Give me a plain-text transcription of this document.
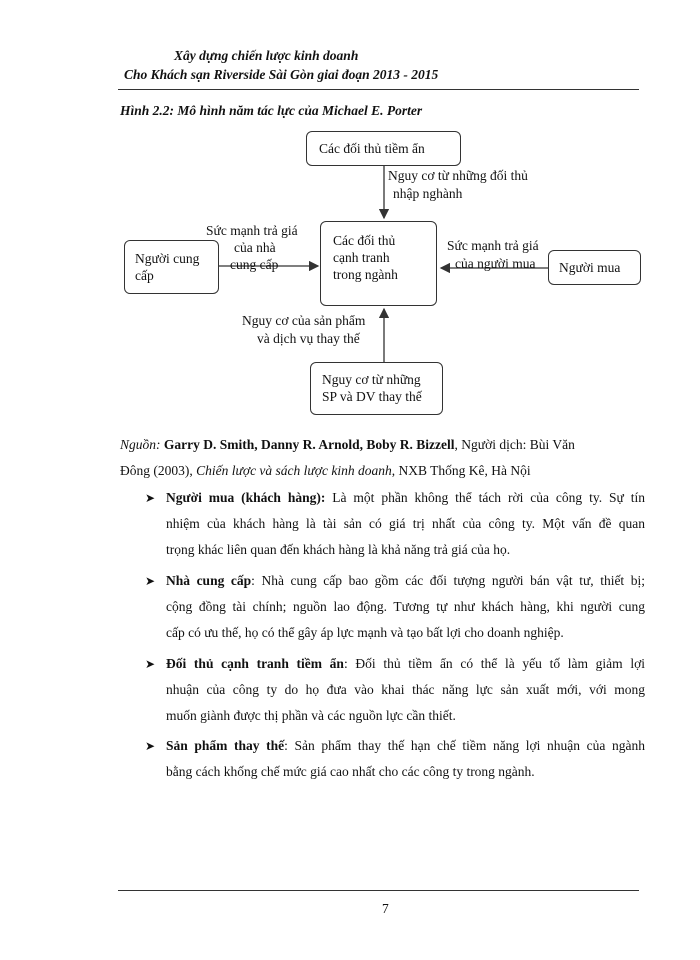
Xây dựng chiến lược kinh doanh
Cho Khách sạn Riverside Sài Gòn giai đoạn 2013 - 2015
Hình 2.2: Mô hình năm tác lực của Michael E. Porter
Các đối thủ tiềm ẩn
Người cung
cấp
Các đối thủ
cạnh tranh
trong ngành	Người mua
Nguy cơ từ những
SP và DV thay thế
Nguy cơ từ những đối thủ
nhập nghành
Sức mạnh trả giá
của nhà
cung cấp
Sức mạnh trả giá
của người mua
Nguy cơ của sản phẩm
và dịch vụ thay thế
Nguồn: Garry D. Smith, Danny R. Arnold, Boby R. Bizzell, Người dịch: Bùi Văn
Đông (2003), Chiến lược và sách lược kinh doanh, NXB Thống Kê, Hà Nội
➤ Người mua (khách hàng): Là một phần không thể tách rời của công ty. Sự tín
nhiệm của khách hàng là tài sản có giá trị nhất của công ty. Một vấn đề quan
trọng khác liên quan đến khách hàng là khả năng trả giá của họ.
➤ Nhà cung cấp: Nhà cung cấp bao gồm các đối tượng người bán vật tư, thiết bị;
cộng đồng tài chính; nguồn lao động. Tương tự như khách hàng, khi người cung
cấp có ưu thế, họ có thể gây áp lực mạnh và tạo bất lợi cho doanh nghiệp.
➤ Đối thủ cạnh tranh tiềm ẩn: Đối thủ tiềm ẩn có thể là yếu tố làm giảm lợi
nhuận của công ty do họ đưa vào khai thác năng lực sản xuất mới, với mong
muốn giành được thị phần và các nguồn lực cần thiết.
➤ Sản phẩm thay thế: Sản phẩm thay thế hạn chế tiềm năng lợi nhuận của ngành
bằng cách khống chế mức giá cao nhất cho các công ty trong ngành.
7
